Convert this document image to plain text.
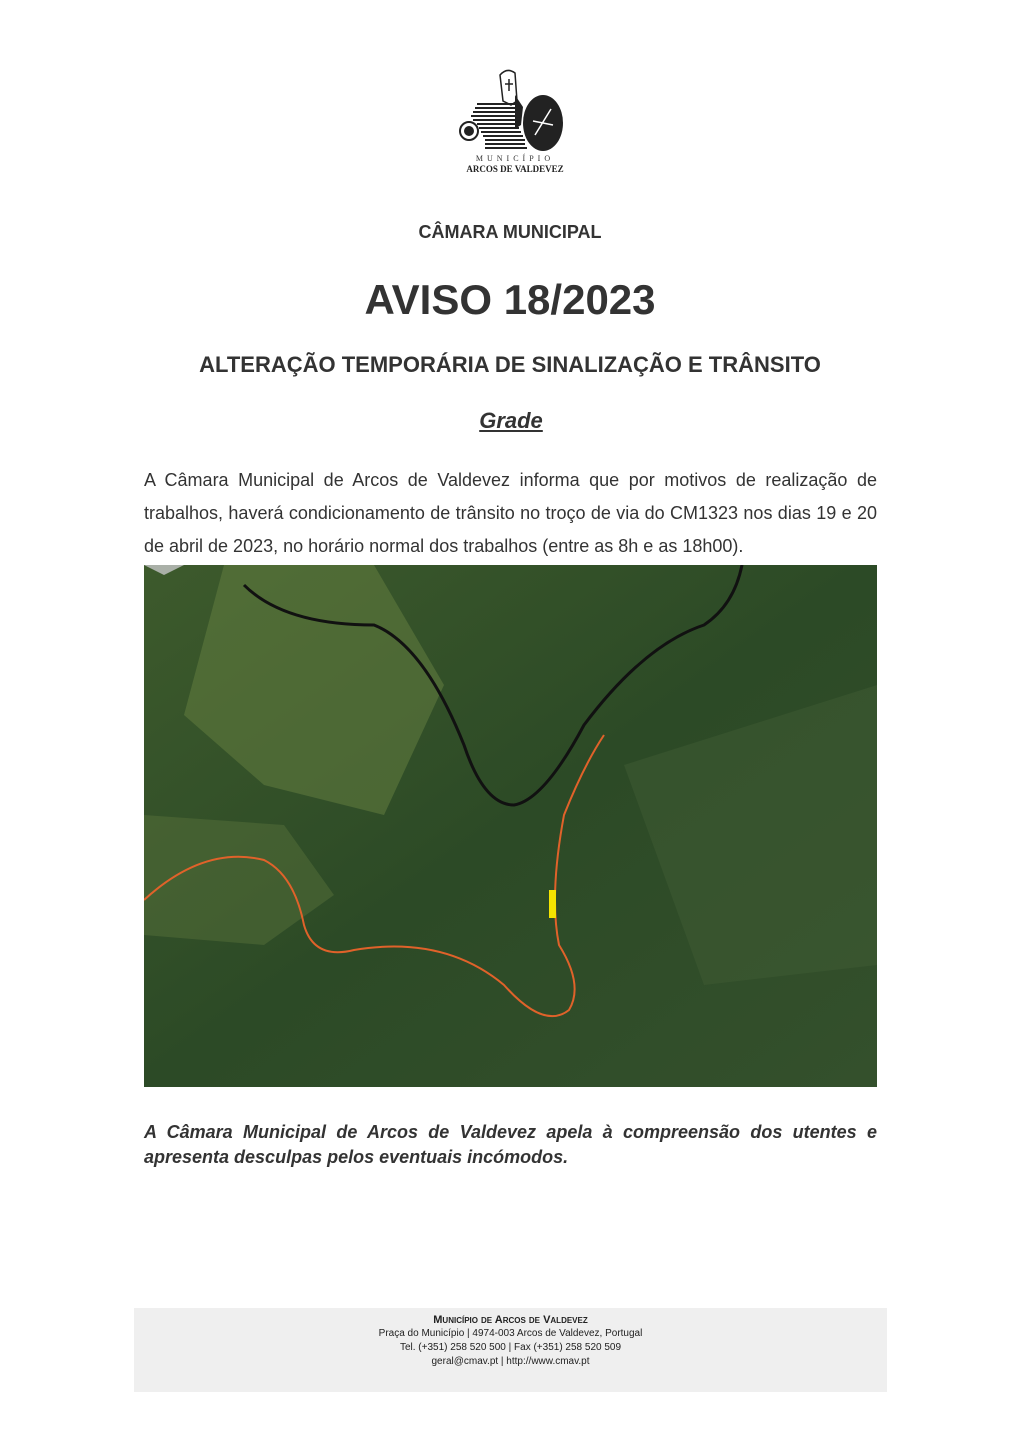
MUNICÍPIO
ARCOS DE VALDEVEZ
CÂMARA MUNICIPAL
AVISO 18/2023
ALTERAÇÃO TEMPORÁRIA DE SINALIZAÇÃO E TRÂNSITO
Grade
A Câmara Municipal de Arcos de Valdevez informa que por motivos de realização de trabalhos, haverá condicionamento de trânsito no troço de via do CM1323 nos dias 19 e 20 de abril de 2023, no horário normal dos trabalhos (entre as 8h e as 18h00).
A Câmara Municipal de Arcos de Valdevez apela à compreensão dos utentes e apresenta desculpas pelos eventuais incómodos.
Município de Arcos de Valdevez
Praça do Município | 4974-003 Arcos de Valdevez, Portugal
Tel. (+351) 258 520 500 | Fax (+351) 258 520 509
geral@cmav.pt | http://www.cmav.pt
